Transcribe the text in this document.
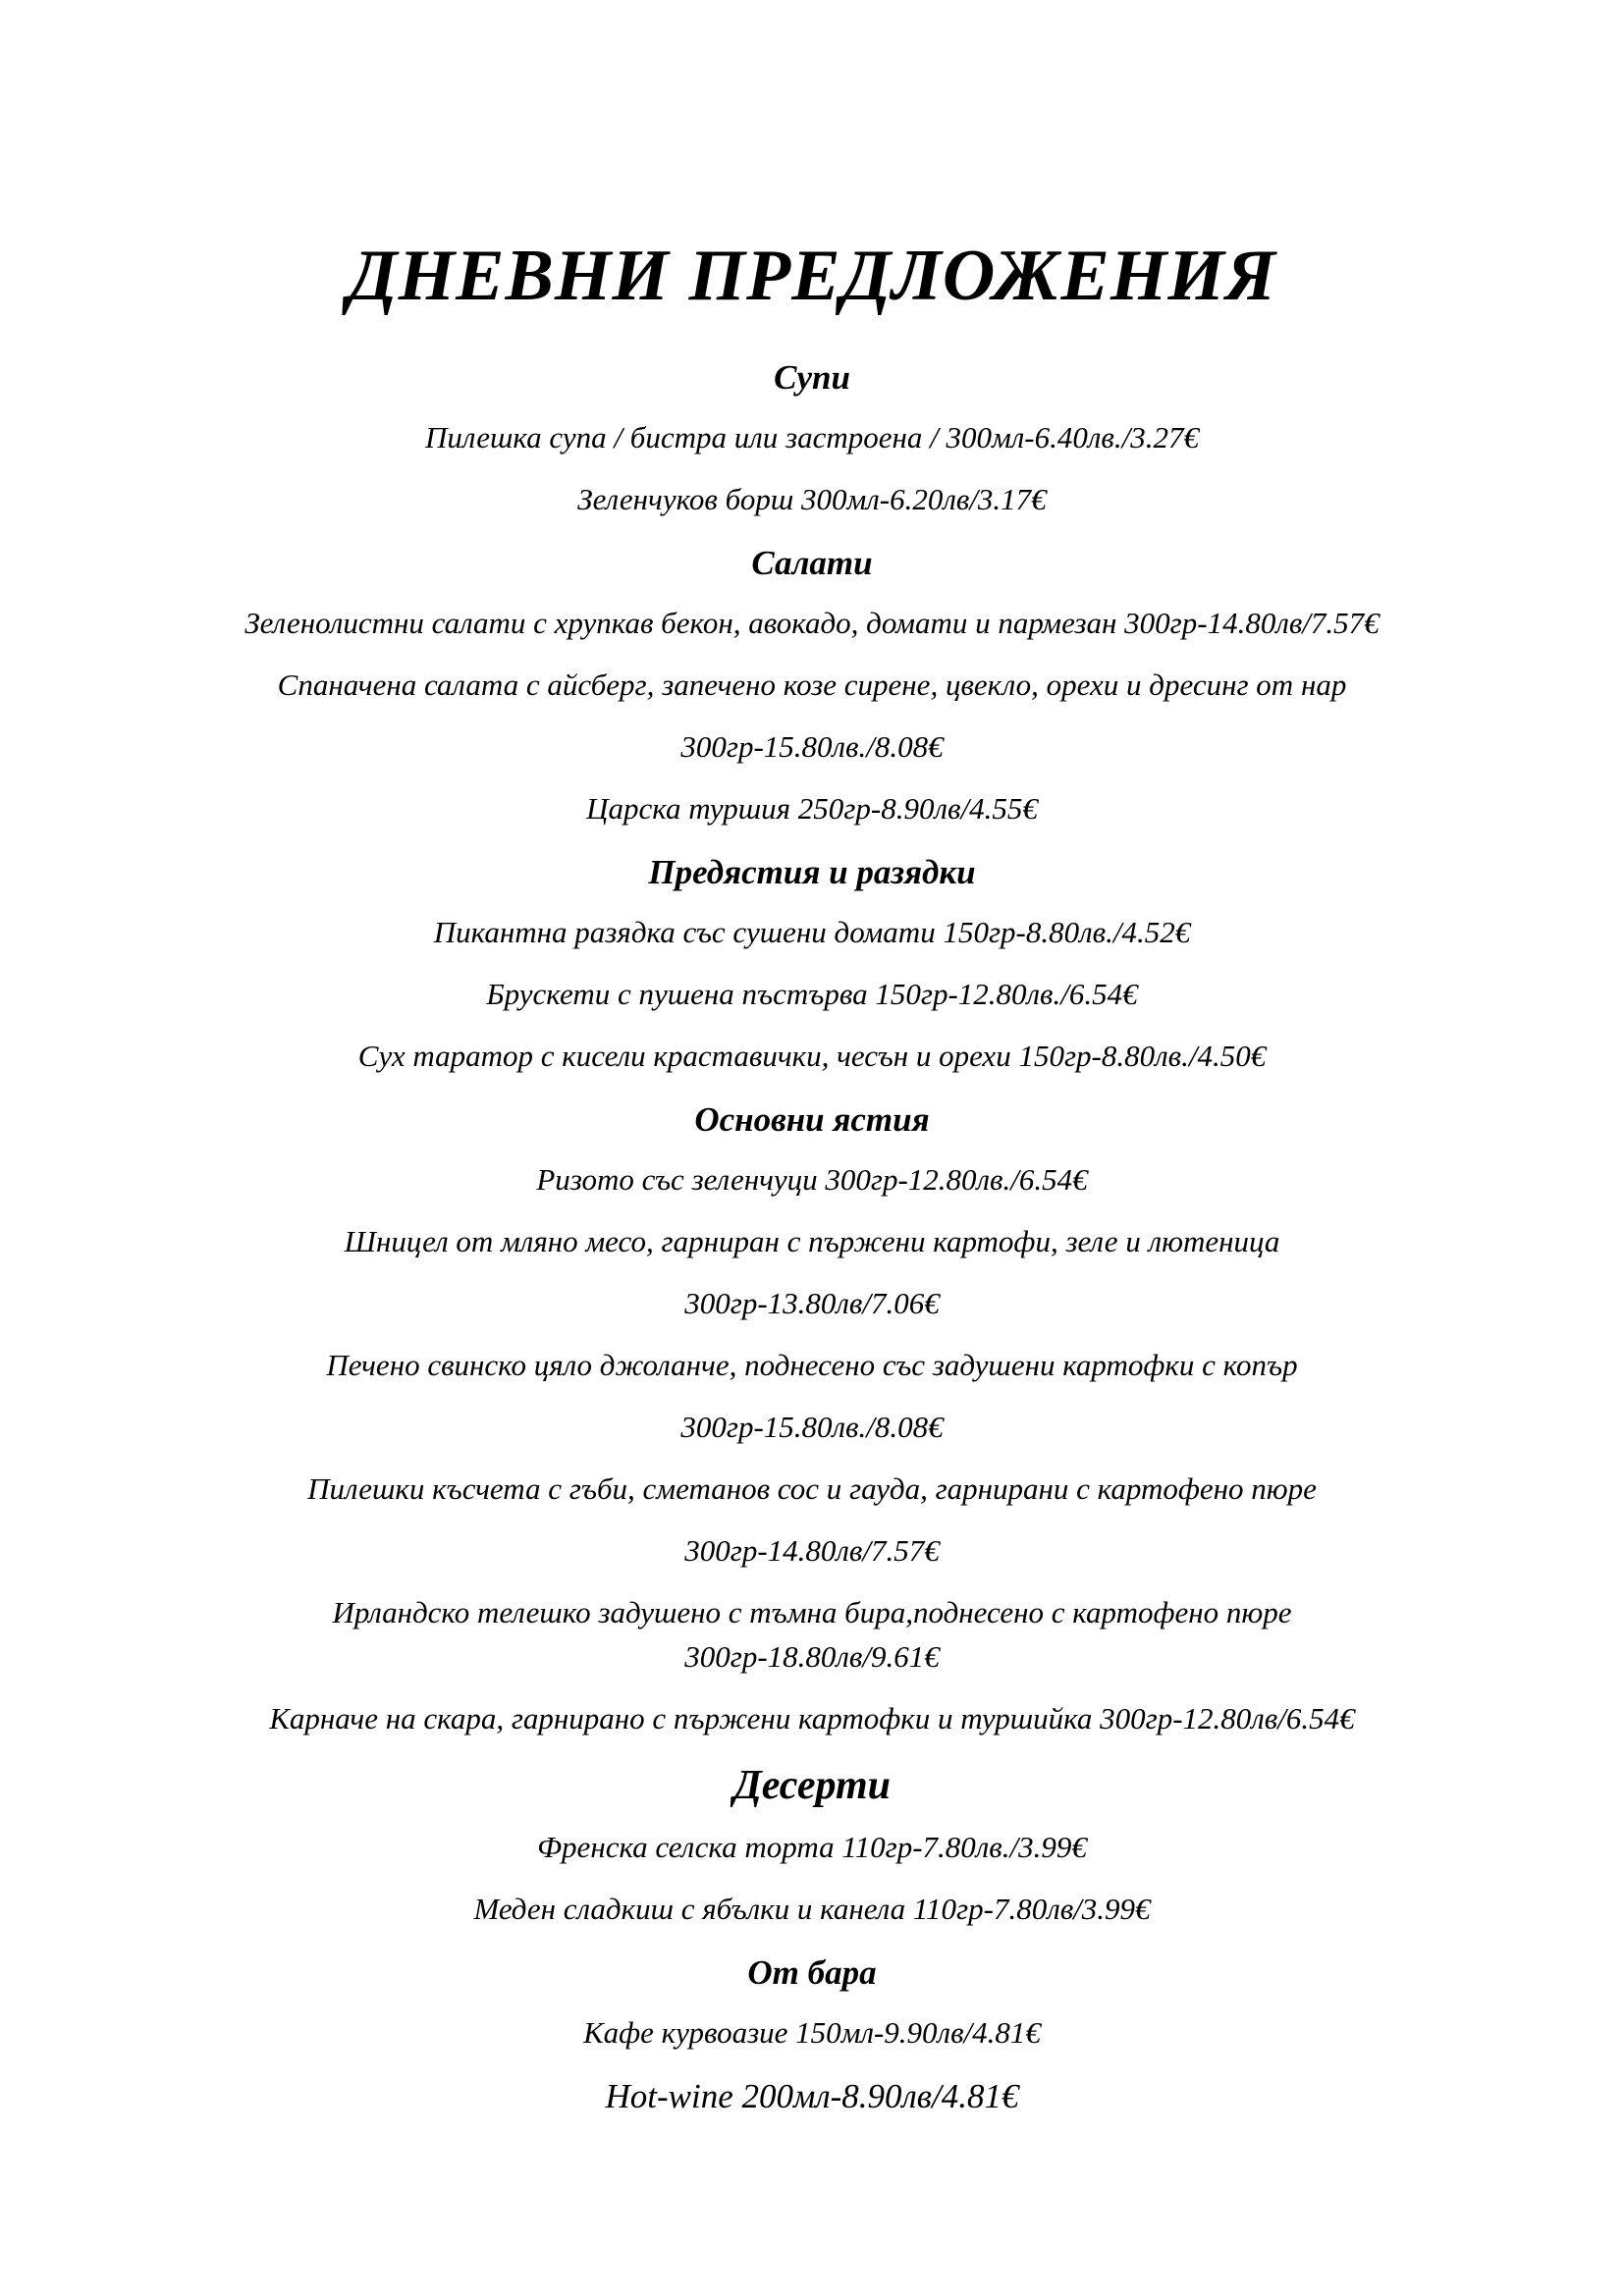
ДНЕВНИ ПРЕДЛОЖЕНИЯ
Супи

Пилешка супа / бистра или застроена / 300мл-6.40лв./3.27€

Зеленчуков борш 300мл-6.20лв/3.17€

Салати

Зеленолистни салати с хрупкав бекон, авокадо, домати и пармезан 300гр-14.80лв/7.57€

Спаначена салата с айсберг, запечено козе сирене, цвекло, орехи и дресинг от нар

300гр-15.80лв./8.08€

Царска туршия 250гр-8.90лв/4.55€

Предястия и разядки

Пикантна разядка със сушени домати 150гр-8.80лв./4.52€

Брускети с пушена пъстърва 150гр-12.80лв./6.54€

Сух таратор с кисели краставички, чесън и орехи 150гр-8.80лв./4.50€

Основни ястия

Ризото със зеленчуци 300гр-12.80лв./6.54€

Шницел от мляно месо, гарниран с пържени картофи, зеле и лютеница

300гр-13.80лв/7.06€

Печено свинско цяло джоланче, поднесено със задушени картофки с копър

300гр-15.80лв./8.08€

Пилешки късчета с гъби, сметанов сос и гауда, гарнирани с картофено пюре

300гр-14.80лв/7.57€

Ирландско телешко задушено с тъмна бира,поднесено с картофено пюре

300гр-18.80лв/9.61€

Карначе на скара, гарнирано с пържени картофки и туршийка 300гр-12.80лв/6.54€

Десерти

Френска селска торта 110гр-7.80лв./3.99€

Меден сладкиш с ябълки и канела 110гр-7.80лв/3.99€

От бара

Кафе курвоазие 150мл-9.90лв/4.81€

Hot-wine 200мл-8.90лв/4.81€
